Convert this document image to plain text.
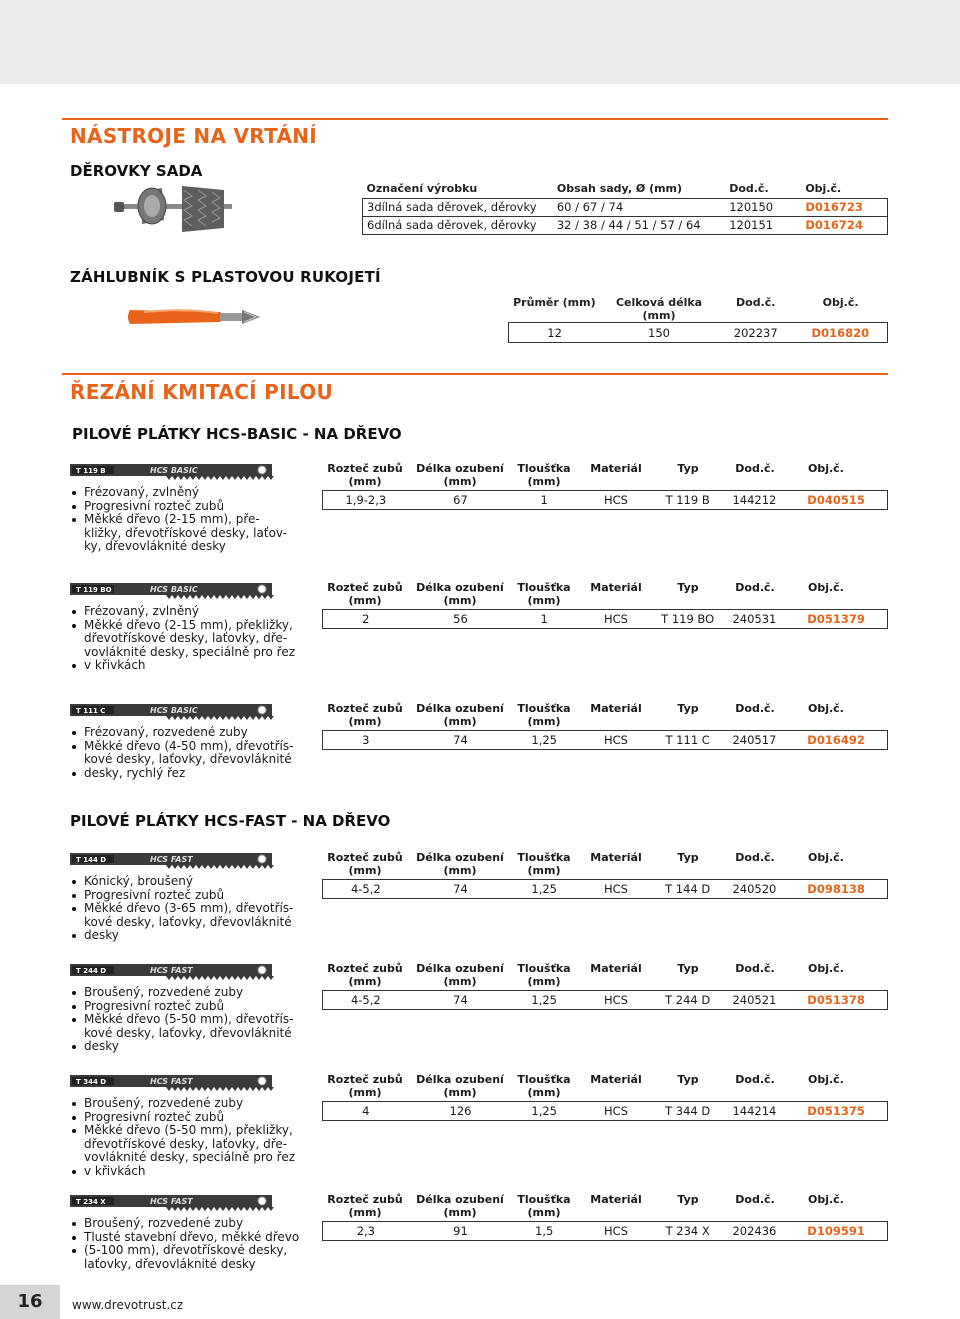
NÁSTROJE NA VRTÁNÍ
DĚROVKY SADA
Označení výrobku	Obsah sady, Ø (mm)	Dod.č.	Obj.č.
3dílná sada děrovek, děrovky	60 / 67 / 74	120150	D016723
6dílná sada děrovek, děrovky	32 / 38 / 44 / 51 / 57 / 64	120151	D016724
ZÁHLUBNÍK S PLASTOVOU RUKOJETÍ
Průměr (mm)	Celková délka (mm)	Dod.č.	Obj.č.
12	150	202237	D016820
ŘEZÁNÍ KMITACÍ PILOU
PILOVÉ PLÁTKY HCS-BASIC - NA DŘEVO
PILOVÉ PLÁTKY HCS-FAST - NA DŘEVO
T 119 B	HCS BASIC
Frézovaný, zvlněný
Progresivní rozteč zubů
Měkké dřevo (2-15 mm), pře-
kližky, dřevotřískové desky, laťov-
ky, dřevovláknité desky
Rozteč zubů
(mm)
Délka ozubení
(mm)
Tloušťka
(mm)
Materiál	Typ	Dod.č.	Obj.č.
1,9-2,3	67	1	HCS	T 119 B	144212	D040515
T 119 BO	HCS BASIC
Frézovaný, zvlněný
Měkké dřevo (2-15 mm), překližky,
dřevotřískové desky, laťovky, dře-
vovláknité desky, speciálně pro řez
v křivkách
Rozteč zubů
(mm)
Délka ozubení
(mm)
Tloušťka
(mm)
Materiál	Typ	Dod.č.	Obj.č.
2	56	1	HCS	T 119 BO	240531	D051379
T 111 C	HCS BASIC
Frézovaný, rozvedené zuby
Měkké dřevo (4-50 mm), dřevotřís-
kové desky, laťovky, dřevovláknité
desky, rychlý řez
Rozteč zubů
(mm)
Délka ozubení
(mm)
Tloušťka
(mm)
Materiál	Typ	Dod.č.	Obj.č.
3	74	1,25	HCS	T 111 C	240517	D016492
T 144 D	HCS FAST
Kónický, broušený
Progresivní rozteč zubů
Měkké dřevo (3-65 mm), dřevotřís-
kové desky, laťovky, dřevovláknité
desky
Rozteč zubů
(mm)
Délka ozubení
(mm)
Tloušťka
(mm)
Materiál	Typ	Dod.č.	Obj.č.
4-5,2	74	1,25	HCS	T 144 D	240520	D098138
T 244 D	HCS FAST
Broušený, rozvedené zuby
Progresivní rozteč zubů
Měkké dřevo (5-50 mm), dřevotřís-
kové desky, laťovky, dřevovláknité
desky
Rozteč zubů
(mm)
Délka ozubení
(mm)
Tloušťka
(mm)
Materiál	Typ	Dod.č.	Obj.č.
4-5,2	74	1,25	HCS	T 244 D	240521	D051378
T 344 D	HCS FAST
Broušený, rozvedené zuby
Progresivní rozteč zubů
Měkké dřevo (5-50 mm), překližky,
dřevotřískové desky, laťovky, dře-
vovláknité desky, speciálně pro řez
v křivkách
Rozteč zubů
(mm)
Délka ozubení
(mm)
Tloušťka
(mm)
Materiál	Typ	Dod.č.	Obj.č.
4	126	1,25	HCS	T 344 D	144214	D051375
T 234 X	HCS FAST
Broušený, rozvedené zuby
Tlusté stavební dřevo, měkké dřevo
(5-100 mm), dřevotřískové desky,
laťovky, dřevovláknité desky
Rozteč zubů
(mm)
Délka ozubení
(mm)
Tloušťka
(mm)
Materiál	Typ	Dod.č.	Obj.č.
2,3	91	1,5	HCS	T 234 X	202436	D109591
16	www.drevotrust.cz
